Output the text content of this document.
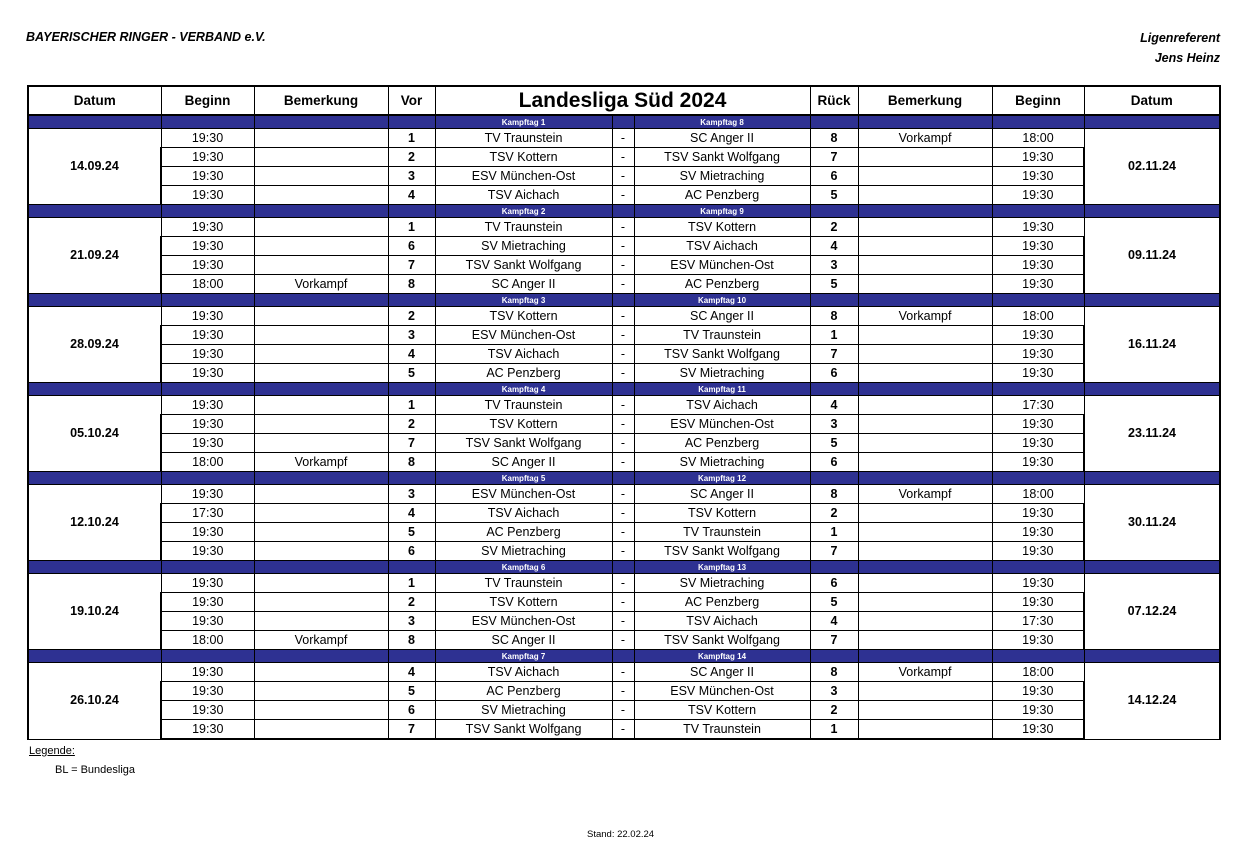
BAYERISCHER RINGER - VERBAND e.V.	Ligenreferent
Jens Heinz
Datum	Beginn	Bemerkung	Vor	Landesliga Süd 2024			Rück	Bemerkung	Beginn	Datum
				Kampftag 1		Kampftag 8				
14.09.24	19:30		1	TV Traunstein	-	SC Anger II	8	Vorkampf	18:00	02.11.24
	19:30		2	TSV Kottern	-	TSV Sankt Wolfgang	7		19:30	
	19:30		3	ESV München-Ost	-	SV Mietraching	6		19:30	
	19:30		4	TSV Aichach	-	AC Penzberg	5		19:30	
				Kampftag 2		Kampftag 9				
21.09.24	19:30		1	TV Traunstein	-	TSV Kottern	2		19:30	09.11.24
	19:30		6	SV Mietraching	-	TSV Aichach	4		19:30	
	19:30		7	TSV Sankt Wolfgang	-	ESV München-Ost	3		19:30	
	18:00	Vorkampf	8	SC Anger II	-	AC Penzberg	5		19:30	
				Kampftag 3		Kampftag 10				
28.09.24	19:30		2	TSV Kottern	-	SC Anger II	8	Vorkampf	18:00	16.11.24
	19:30		3	ESV München-Ost	-	TV Traunstein	1		19:30	
	19:30		4	TSV Aichach	-	TSV Sankt Wolfgang	7		19:30	
	19:30		5	AC Penzberg	-	SV Mietraching	6		19:30	
				Kampftag 4		Kampftag 11				
05.10.24	19:30		1	TV Traunstein	-	TSV Aichach	4		17:30	23.11.24
	19:30		2	TSV Kottern	-	ESV München-Ost	3		19:30	
	19:30		7	TSV Sankt Wolfgang	-	AC Penzberg	5		19:30	
	18:00	Vorkampf	8	SC Anger II	-	SV Mietraching	6		19:30	
				Kampftag 5		Kampftag 12				
12.10.24	19:30		3	ESV München-Ost	-	SC Anger II	8	Vorkampf	18:00	30.11.24
	17:30		4	TSV Aichach	-	TSV Kottern	2		19:30	
	19:30		5	AC Penzberg	-	TV Traunstein	1		19:30	
	19:30		6	SV Mietraching	-	TSV Sankt Wolfgang	7		19:30	
				Kampftag 6		Kampftag 13				
19.10.24	19:30		1	TV Traunstein	-	SV Mietraching	6		19:30	07.12.24
	19:30		2	TSV Kottern	-	AC Penzberg	5		19:30	
	19:30		3	ESV München-Ost	-	TSV Aichach	4		17:30	
	18:00	Vorkampf	8	SC Anger II	-	TSV Sankt Wolfgang	7		19:30	
				Kampftag 7		Kampftag 14				
26.10.24	19:30		4	TSV Aichach	-	SC Anger II	8	Vorkampf	18:00	14.12.24
	19:30		5	AC Penzberg	-	ESV München-Ost	3		19:30	
	19:30		6	SV Mietraching	-	TSV Kottern	2		19:30	
	19:30		7	TSV Sankt Wolfgang	-	TV Traunstein	1		19:30	
Legende:
BL = Bundesliga
Stand: 22.02.24
